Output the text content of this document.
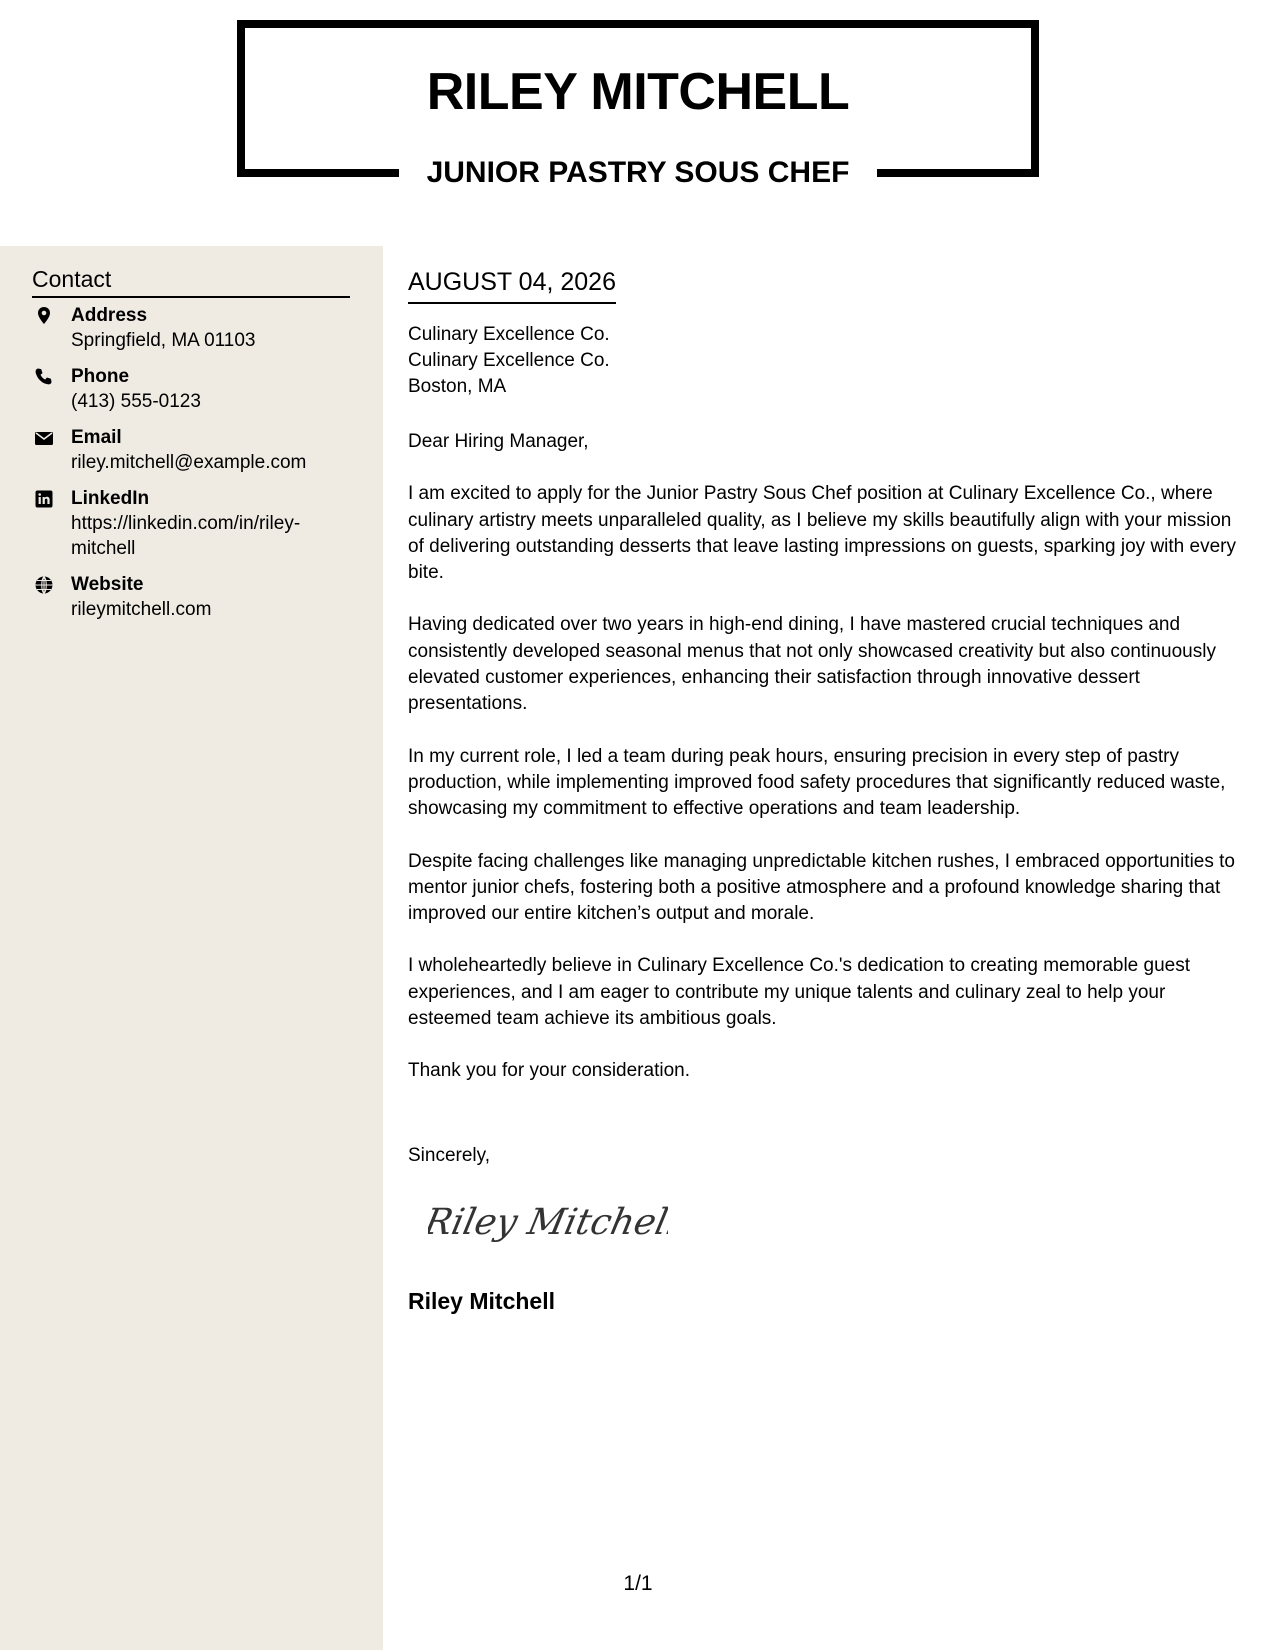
RILEY MITCHELL
JUNIOR PASTRY SOUS CHEF
Contact
Address
Springfield, MA 01103
Phone
(413) 555-0123
Email
riley.mitchell@example.com
LinkedIn
https://linkedin.com/in/riley-mitchell
Website
rileymitchell.com
AUGUST 04, 2026
Culinary Excellence Co.
Culinary Excellence Co.
Boston, MA

Dear Hiring Manager,

I am excited to apply for the Junior Pastry Sous Chef position at Culinary Excellence Co., where culinary artistry meets unparalleled quality, as I believe my skills beautifully align with your mission of delivering outstanding desserts that leave lasting impressions on guests, sparking joy with every bite.

Having dedicated over two years in high-end dining, I have mastered crucial techniques and consistently developed seasonal menus that not only showcased creativity but also continuously elevated customer experiences, enhancing their satisfaction through innovative dessert presentations.

In my current role, I led a team during peak hours, ensuring precision in every step of pastry production, while implementing improved food safety procedures that significantly reduced waste, showcasing my commitment to effective operations and team leadership.

Despite facing challenges like managing unpredictable kitchen rushes, I embraced opportunities to mentor junior chefs, fostering both a positive atmosphere and a profound knowledge sharing that improved our entire kitchen’s output and morale.

I wholeheartedly believe in Culinary Excellence Co.'s dedication to creating memorable guest experiences, and I am eager to contribute my unique talents and culinary zeal to help your esteemed team achieve its ambitious goals.

Thank you for your consideration.

Sincerely,
Riley Mitchell
Riley Mitchell
1/1
